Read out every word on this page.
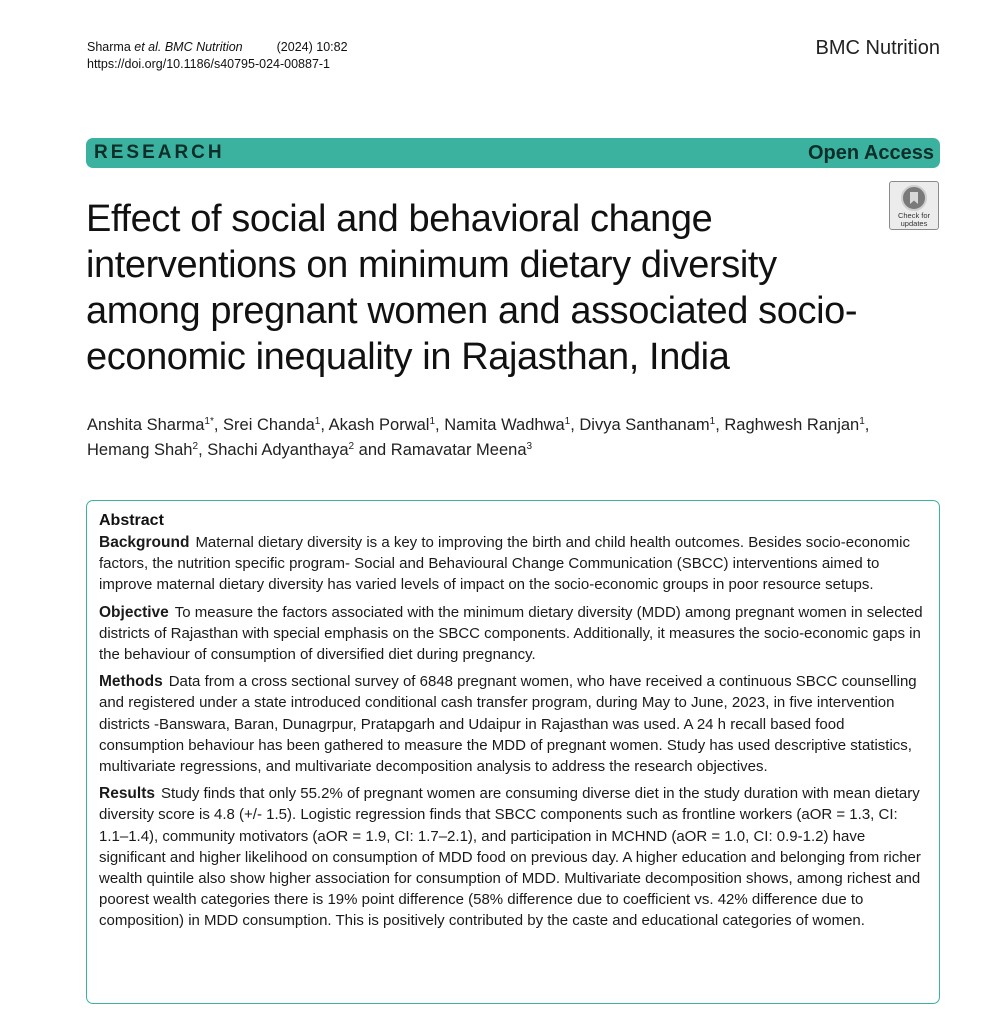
Sharma et al. BMC Nutrition	(2024) 10:82
https://doi.org/10.1186/s40795-024-00887-1
BMC Nutrition
RESEARCH	Open Access
Check for
updates
Effect of social and behavioral change interventions on minimum dietary diversity among pregnant women and associated socio-economic inequality in Rajasthan, India
Anshita Sharma$^{1*}$, Srei Chanda$^1$, Akash Porwal$^1$, Namita Wadhwa$^1$, Divya Santhanam$^1$, Raghwesh Ranjan$^1$,
Hemang Shah$^2$, Shachi Adyanthaya$^2$ and Ramavatar Meena$^3$
Abstract

Background Maternal dietary diversity is a key to improving the birth and child health outcomes. Besides socio-economic factors, the nutrition specific program- Social and Behavioural Change Communication (SBCC) interventions aimed to improve maternal dietary diversity has varied levels of impact on the socio-economic groups in poor resource setups.

Objective To measure the factors associated with the minimum dietary diversity (MDD) among pregnant women in selected districts of Rajasthan with special emphasis on the SBCC components. Additionally, it measures the socio-economic gaps in the behaviour of consumption of diversified diet during pregnancy.

Methods Data from a cross sectional survey of 6848 pregnant women, who have received a continuous SBCC counselling and registered under a state introduced conditional cash transfer program, during May to June, 2023, in five intervention districts -Banswara, Baran, Dunagrpur, Pratapgarh and Udaipur in Rajasthan was used. A 24 h recall based food consumption behaviour has been gathered to measure the MDD of pregnant women. Study has used descriptive statistics, multivariate regressions, and multivariate decomposition analysis to address the research objectives.

Results Study finds that only 55.2% of pregnant women are consuming diverse diet in the study duration with mean dietary diversity score is 4.8 (+/- 1.5). Logistic regression finds that SBCC components such as frontline workers (aOR = 1.3, CI: 1.1–1.4), community motivators (aOR = 1.9, CI: 1.7–2.1), and participation in MCHND (aOR = 1.0, CI: 0.9-1.2) have significant and higher likelihood on consumption of MDD food on previous day. A higher education and belonging from richer wealth quintile also show higher association for consumption of MDD. Multivariate decomposition shows, among richest and poorest wealth categories there is 19% point difference (58% difference due to coefficient vs. 42% difference due to composition) in MDD consumption. This is positively contributed by the caste and educational categories of women.
